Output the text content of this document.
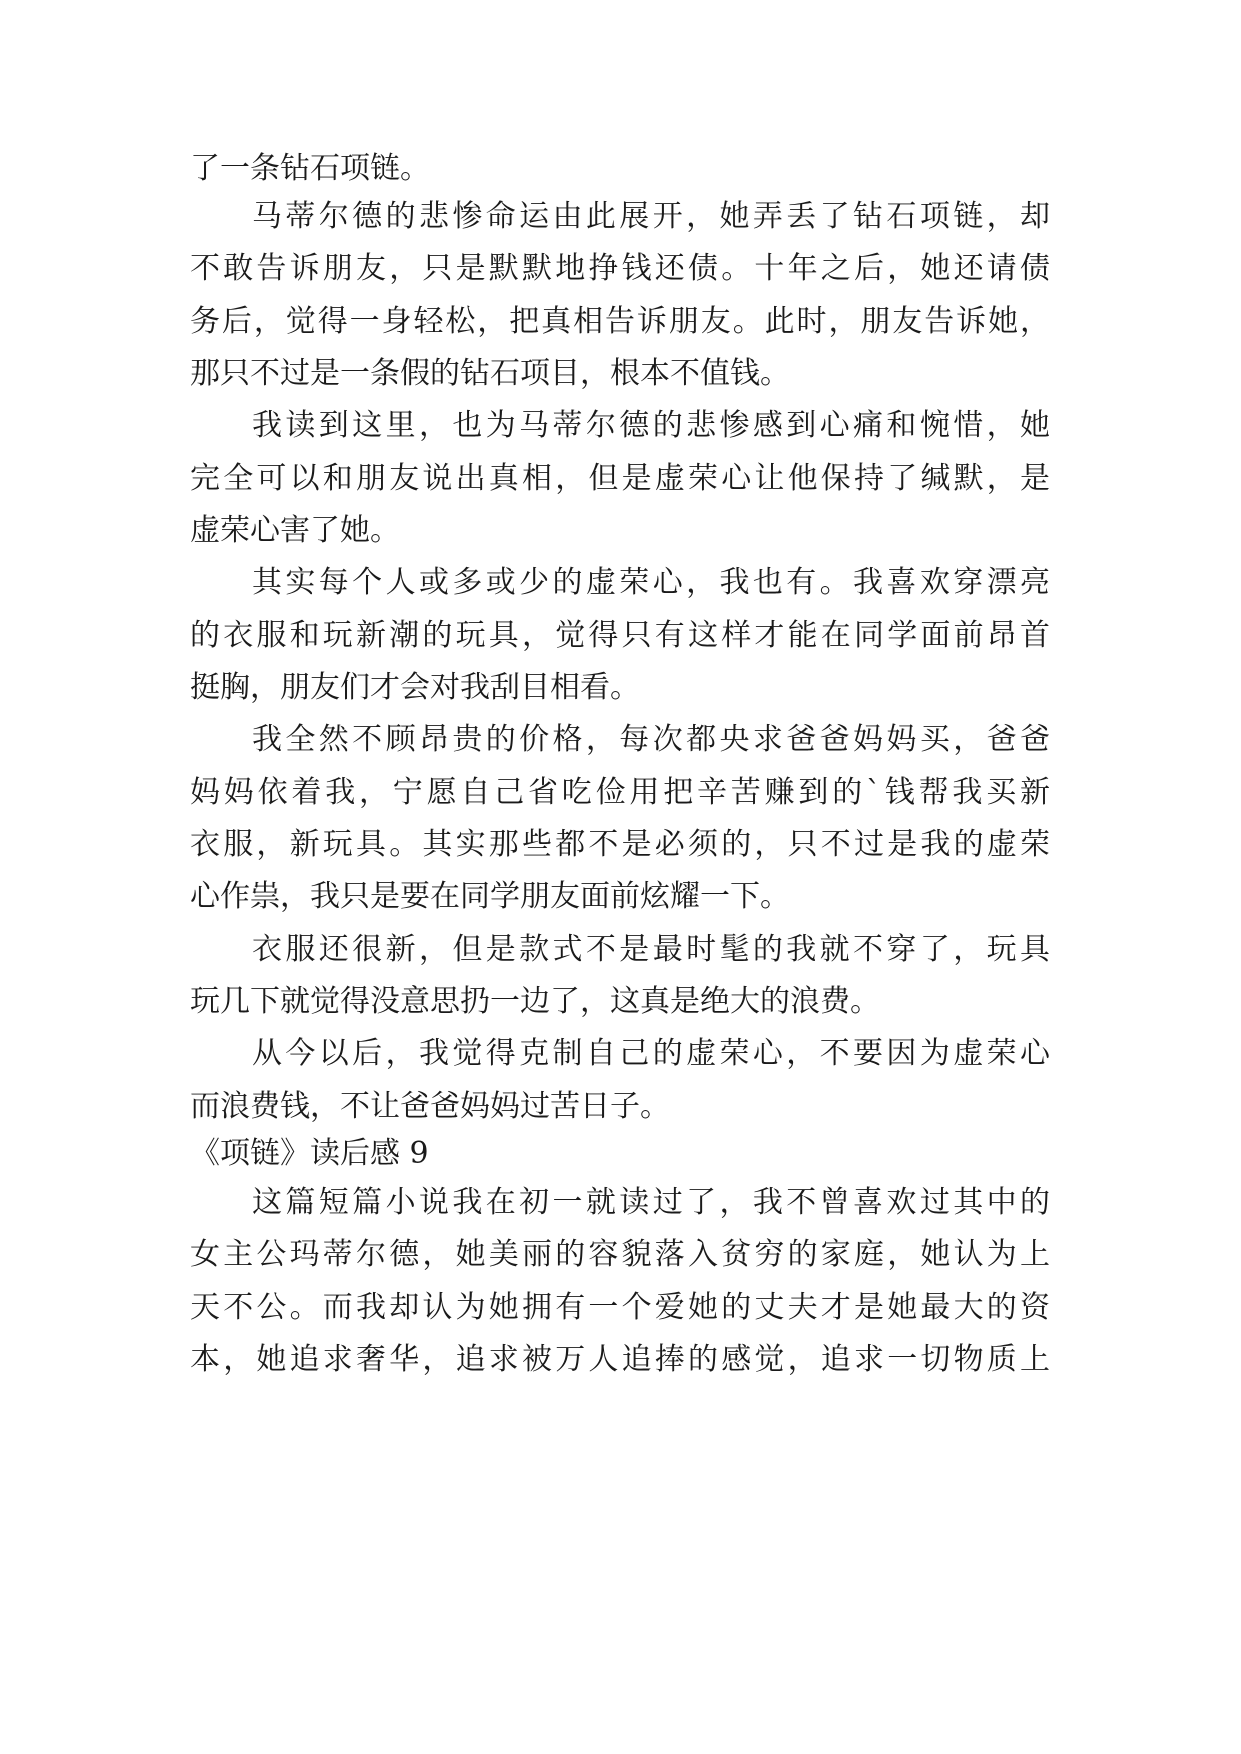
了一条钻石项链。
马蒂尔德的悲惨命运由此展开，她弄丢了钻石项链，却
不敢告诉朋友，只是默默地挣钱还债。十年之后，她还请债
务后，觉得一身轻松，把真相告诉朋友。此时，朋友告诉她，
那只不过是一条假的钻石项目，根本不值钱。
我读到这里，也为马蒂尔德的悲惨感到心痛和惋惜，她
完全可以和朋友说出真相，但是虚荣心让他保持了缄默，是
虚荣心害了她。
其实每个人或多或少的虚荣心，我也有。我喜欢穿漂亮
的衣服和玩新潮的玩具，觉得只有这样才能在同学面前昂首
挺胸，朋友们才会对我刮目相看。
我全然不顾昂贵的价格，每次都央求爸爸妈妈买，爸爸
妈妈依着我，宁愿自己省吃俭用把辛苦赚到的`钱帮我买新
衣服，新玩具。其实那些都不是必须的，只不过是我的虚荣
心作祟，我只是要在同学朋友面前炫耀一下。
衣服还很新，但是款式不是最时髦的我就不穿了，玩具
玩几下就觉得没意思扔一边了，这真是绝大的浪费。
从今以后，我觉得克制自己的虚荣心，不要因为虚荣心
而浪费钱，不让爸爸妈妈过苦日子。
《项链》读后感 9
这篇短篇小说我在初一就读过了，我不曾喜欢过其中的
女主公玛蒂尔德，她美丽的容貌落入贫穷的家庭，她认为上
天不公。而我却认为她拥有一个爱她的丈夫才是她最大的资
本，她追求奢华，追求被万人追捧的感觉，追求一切物质上
